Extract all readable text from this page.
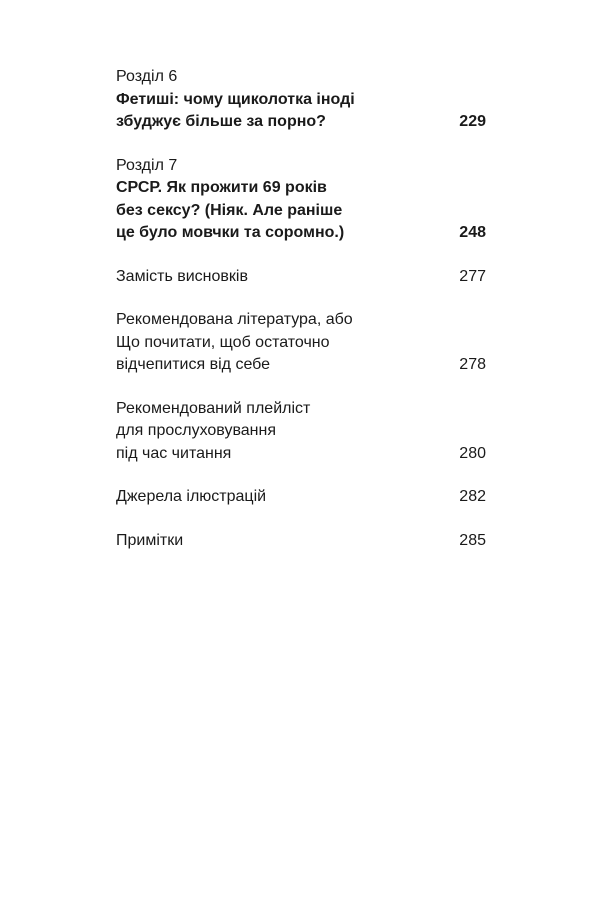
Розділ 6
Фетиші: чому щиколотка іноді
збуджує більше за порно?	229
Розділ 7
СРСР. Як прожити 69 років
без сексу? (Ніяк. Але раніше
це було мовчки та соромно.)	248
Замість висновків	277
Рекомендована література, або
Що почитати, щоб остаточно
відчепитися від себе	278
Рекомендований плейліст
для прослуховування
під час читання	280
Джерела ілюстрацій	282
Примітки	285
